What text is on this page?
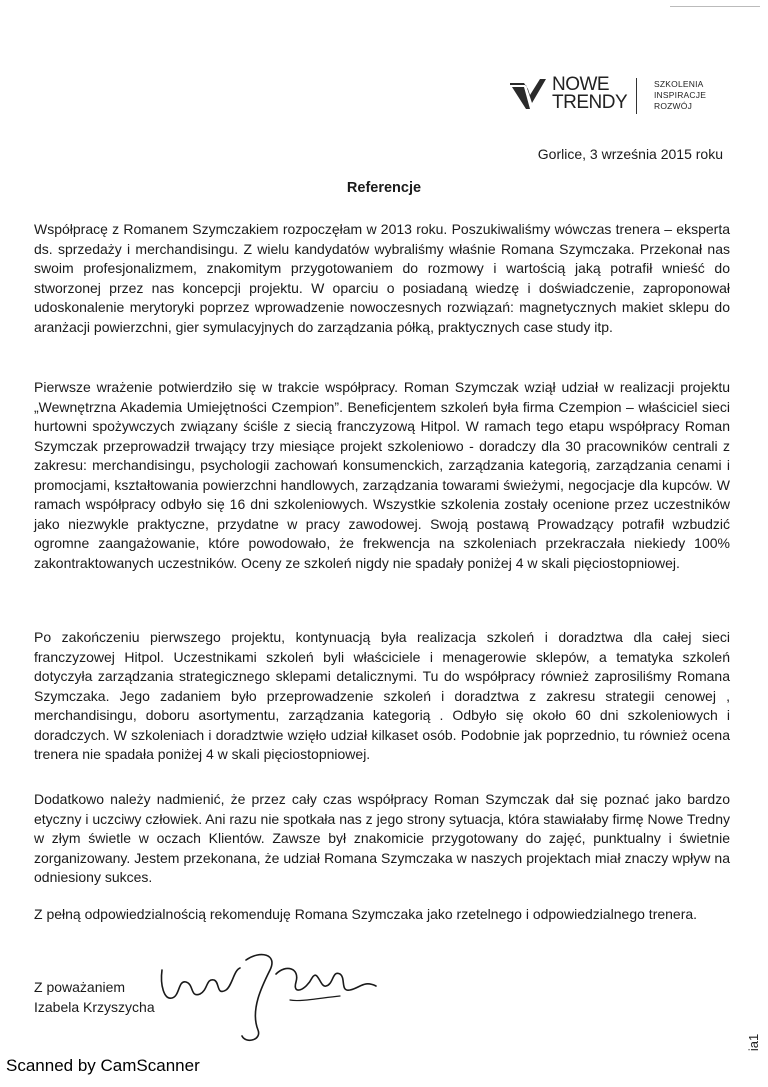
NOWE
TRENDY
SZKOLENIA
INSPIRACJE
ROZWÓJ
Gorlice, 3 września 2015 roku
Referencje
Współpracę z Romanem Szymczakiem rozpoczęłam w 2013 roku. Poszukiwaliśmy wówczas trenera – eksperta ds. sprzedaży i merchandisingu. Z wielu kandydatów wybraliśmy właśnie Romana Szymczaka. Przekonał nas swoim profesjonalizmem, znakomitym przygotowaniem do rozmowy i wartością jaką potrafił wnieść do stworzonej przez nas koncepcji projektu. W oparciu o posiadaną wiedzę i doświadczenie, zaproponował udoskonalenie merytoryki poprzez wprowadzenie nowoczesnych rozwiązań: magnetycznych makiet sklepu do aranżacji powierzchni, gier symulacyjnych do zarządzania półką, praktycznych case study itp.
Pierwsze wrażenie potwierdziło się w trakcie współpracy. Roman Szymczak wziął udział w realizacji projektu „Wewnętrzna Akademia Umiejętności Czempion”. Beneficjentem szkoleń była firma Czempion – właściciel sieci hurtowni spożywczych związany ściśle z siecią franczyzową Hitpol. W ramach tego etapu współpracy Roman Szymczak przeprowadził trwający trzy miesiące projekt szkoleniowo - doradczy dla 30 pracowników centrali z zakresu: merchandisingu, psychologii zachowań konsumenckich, zarządzania kategorią, zarządzania cenami i promocjami, kształtowania powierzchni handlowych, zarządzania towarami świeżymi, negocjacje dla kupców. W ramach współpracy odbyło się 16 dni szkoleniowych. Wszystkie szkolenia zostały ocenione przez uczestników jako niezwykle praktyczne, przydatne w pracy zawodowej. Swoją postawą Prowadzący potrafił wzbudzić ogromne zaangażowanie, które powodowało, że frekwencja na szkoleniach przekraczała niekiedy 100% zakontraktowanych uczestników. Oceny ze szkoleń nigdy nie spadały poniżej 4 w skali pięciostopniowej.
Po zakończeniu pierwszego projektu, kontynuacją była realizacja szkoleń i doradztwa dla całej sieci franczyzowej Hitpol. Uczestnikami szkoleń byli właściciele i menagerowie sklepów, a tematyka szkoleń dotyczyła zarządzania strategicznego sklepami detalicznymi. Tu do współpracy również zaprosiliśmy Romana Szymczaka. Jego zadaniem było przeprowadzenie szkoleń i doradztwa z zakresu strategii cenowej , merchandisingu, doboru asortymentu, zarządzania kategorią . Odbyło się około 60 dni szkoleniowych i doradczych. W szkoleniach i doradztwie wzięło udział kilkaset osób. Podobnie jak poprzednio, tu również ocena trenera nie spadała poniżej 4 w skali pięciostopniowej.
Dodatkowo należy nadmienić, że przez cały czas współpracy Roman Szymczak dał się poznać jako bardzo etyczny i uczciwy człowiek. Ani razu nie spotkała nas z jego strony sytuacja, która stawiałaby firmę Nowe Tredny w złym świetle w oczach Klientów. Zawsze był znakomicie przygotowany do zajęć, punktualny i świetnie zorganizowany. Jestem przekonana, że udział Romana Szymczaka w naszych projektach miał znaczy wpływ na odniesiony sukces.
Z pełną odpowiedzialnością rekomenduję Romana Szymczaka jako rzetelnego i odpowiedzialnego trenera.
Z poważaniem
Izabela Krzyszycha
Scanned by CamScanner
ia1
